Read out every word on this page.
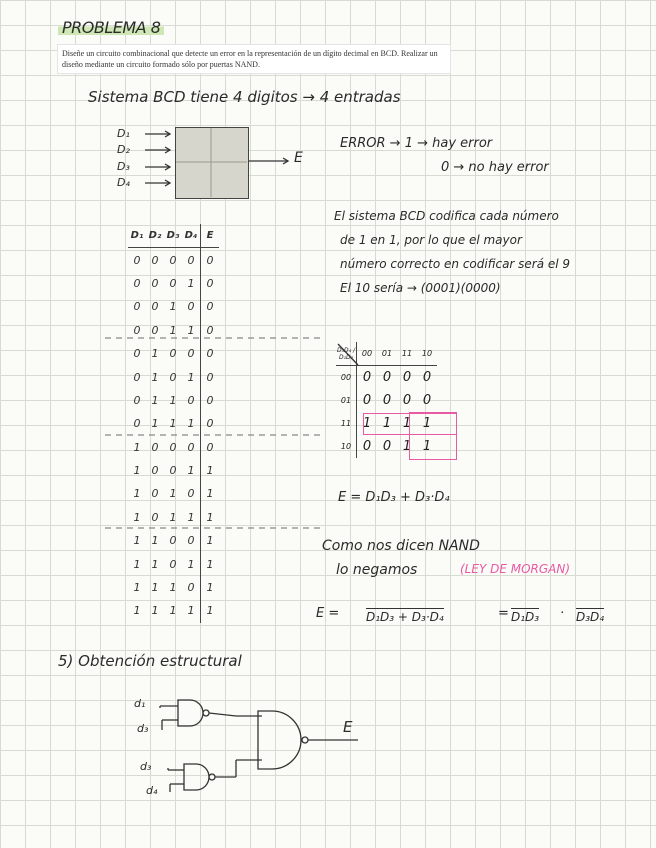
PROBLEMA 8
Diseñe un circuito combinacional que detecte un error en la representación de un dígito decimal en BCD. Realizar un diseño mediante un circuito formado sólo por puertas NAND.
Sistema BCD tiene 4 digitos → 4 entradas
D₁
D₂
D₃
D₄
E
ERROR → 1 → hay error
0 → no hay error
El sistema BCD codifica cada número
de 1 en 1, por lo que el mayor
número correcto en codificar será el 9
El 10 sería → (0001)(0000)
D₁	D₂	D₃	D₄	E
0	0	0	0	0
0	0	0	1	0
0	0	1	0	0
0	0	1	1	0
0	1	0	0	0
0	1	0	1	0
0	1	1	0	0
0	1	1	1	0
1	0	0	0	0
1	0	0	1	1
1	0	1	0	1
1	0	1	1	1
1	1	0	0	1
1	1	0	1	1
1	1	1	0	1
1	1	1	1	1
D₃D₄ / D₁D₂	00	01	11	10
00	0	0	0	0
01	0	0	0	0
11	1	1	1	1
10	0	0	1	1
E = D₁D₃ + D₃·D₄
Como nos dicen NAND
lo negamos	(LEY DE MORGAN)
E = D₁D₃ + D₃·D₄	= D₁D₃ · D₃D₄
5) Obtención estructural
d₁
d₃
d₃
d₄
E
